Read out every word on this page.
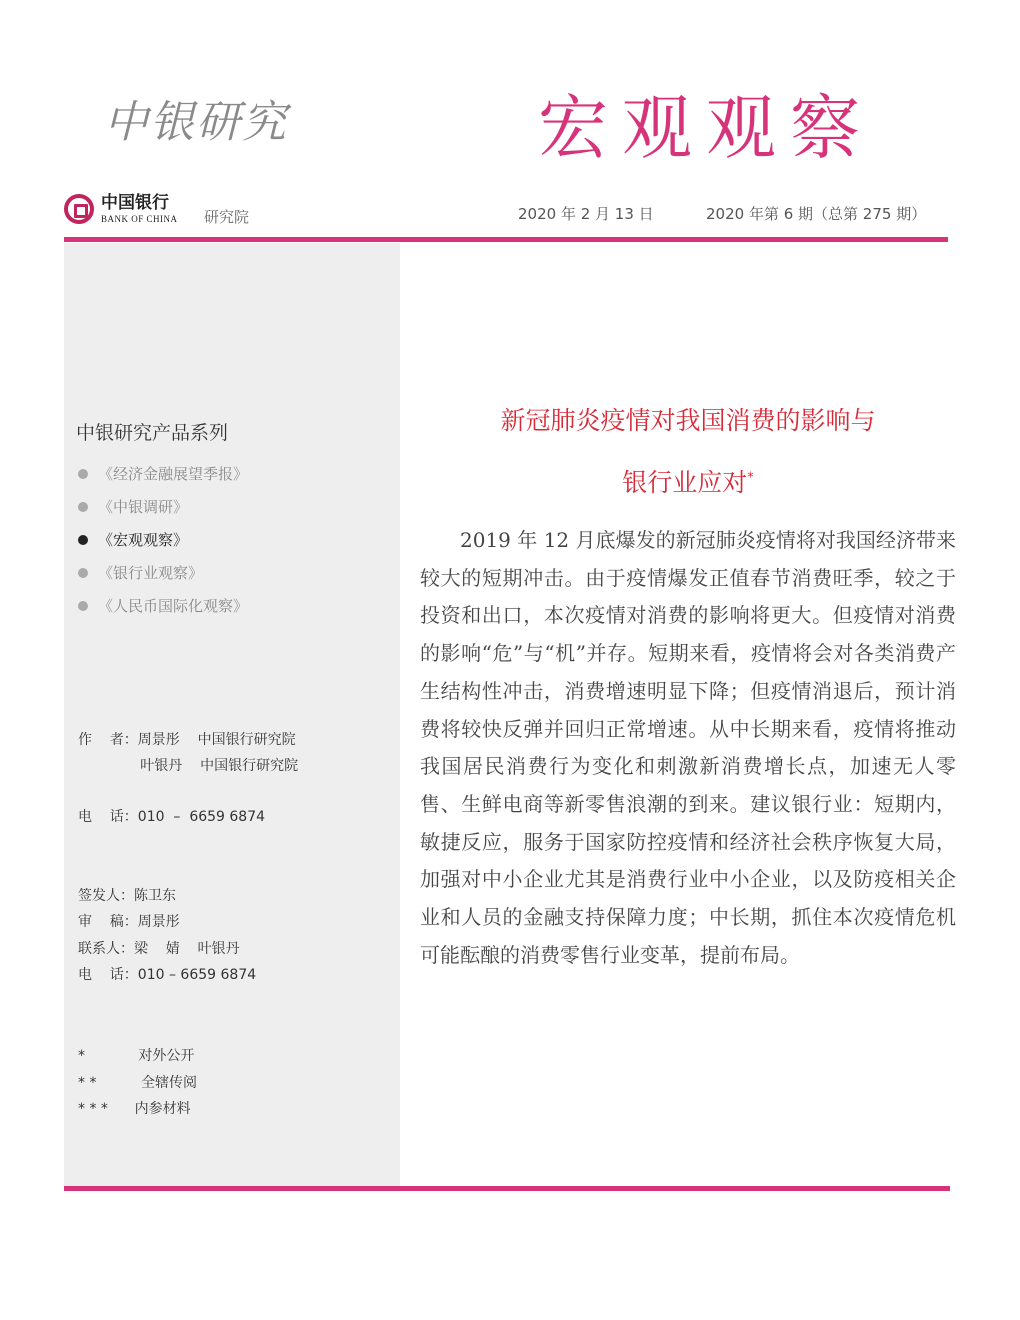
中银研究	宏观观察
中国银行
BANK OF CHINA 研究院	2020 年 2 月 13 日	2020 年第 6 期（总第 275 期）
中银研究产品系列
《经济金融展望季报》
《中银调研》
《宏观观察》
《银行业观察》
《人民币国际化观察》
作    者：周景彤    中国银行研究院
叶银丹    中国银行研究院
电    话：010  –  6659 6874
签发人：陈卫东
审    稿：周景彤
联系人：梁    婧    叶银丹
电    话：010 – 6659 6874
*            对外公开
* *          全辖传阅
* * *      内参材料
新冠肺炎疫情对我国消费的影响与
银行业应对*

2019 年 12 月底爆发的新冠肺炎疫情将对我国经济带来较大的短期冲击。由于疫情爆发正值春节消费旺季，较之于投资和出口，本次疫情对消费的影响将更大。但疫情对消费的影响“危”与“机”并存。短期来看，疫情将会对各类消费产生结构性冲击，消费增速明显下降；但疫情消退后，预计消费将较快反弹并回归正常增速。从中长期来看，疫情将推动我国居民消费行为变化和刺激新消费增长点，加速无人零售、生鲜电商等新零售浪潮的到来。建议银行业：短期内，敏捷反应，服务于国家防控疫情和经济社会秩序恢复大局，加强对中小企业尤其是消费行业中小企业，以及防疫相关企业和人员的金融支持保障力度；中长期，抓住本次疫情危机可能酝酿的消费零售行业变革，提前布局。
